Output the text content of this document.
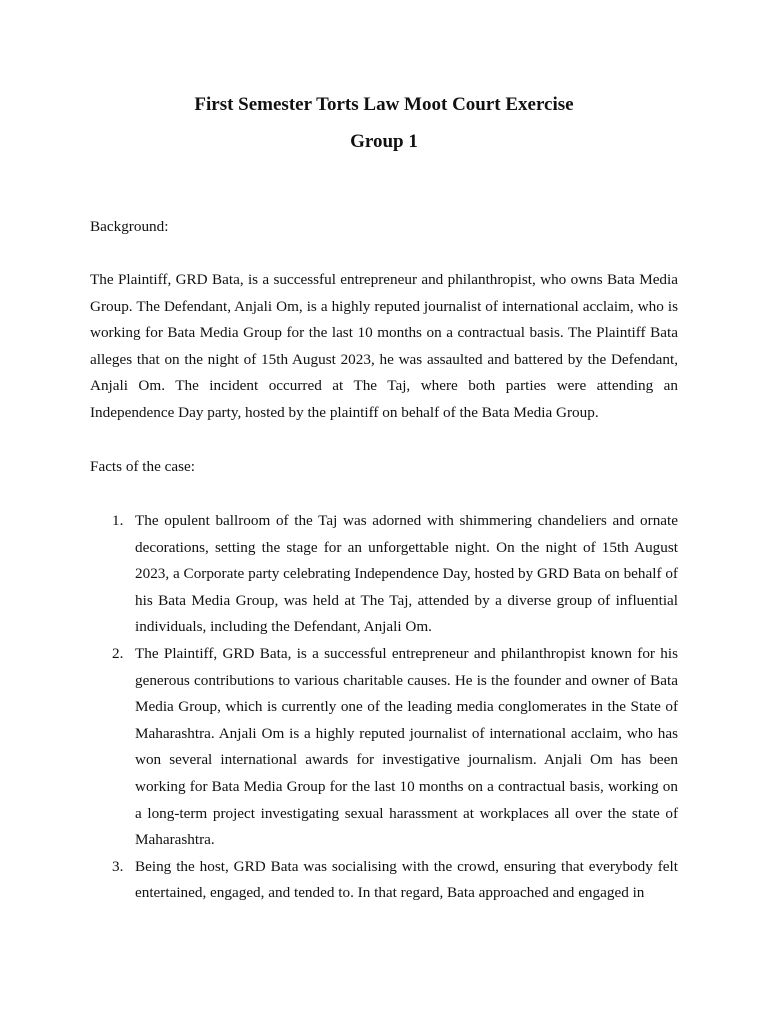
First Semester Torts Law Moot Court Exercise
Group 1

Background:

The Plaintiff, GRD Bata, is a successful entrepreneur and philanthropist, who owns Bata Media Group. The Defendant, Anjali Om, is a highly reputed journalist of international acclaim, who is working for Bata Media Group for the last 10 months on a contractual basis. The Plaintiff Bata alleges that on the night of 15th August 2023, he was assaulted and battered by the Defendant, Anjali Om. The incident occurred at The Taj, where both parties were attending an Independence Day party, hosted by the plaintiff on behalf of the Bata Media Group.

Facts of the case:

1. The opulent ballroom of the Taj was adorned with shimmering chandeliers and ornate decorations, setting the stage for an unforgettable night. On the night of 15th August 2023, a Corporate party celebrating Independence Day, hosted by GRD Bata on behalf of his Bata Media Group, was held at The Taj, attended by a diverse group of influential individuals, including the Defendant, Anjali Om.
2. The Plaintiff, GRD Bata, is a successful entrepreneur and philanthropist known for his generous contributions to various charitable causes. He is the founder and owner of Bata Media Group, which is currently one of the leading media conglomerates in the State of Maharashtra. Anjali Om is a highly reputed journalist of international acclaim, who has won several international awards for investigative journalism. Anjali Om has been working for Bata Media Group for the last 10 months on a contractual basis, working on a long-term project investigating sexual harassment at workplaces all over the state of Maharashtra.
3. Being the host, GRD Bata was socialising with the crowd, ensuring that everybody felt entertained, engaged, and tended to. In that regard, Bata approached and engaged in
